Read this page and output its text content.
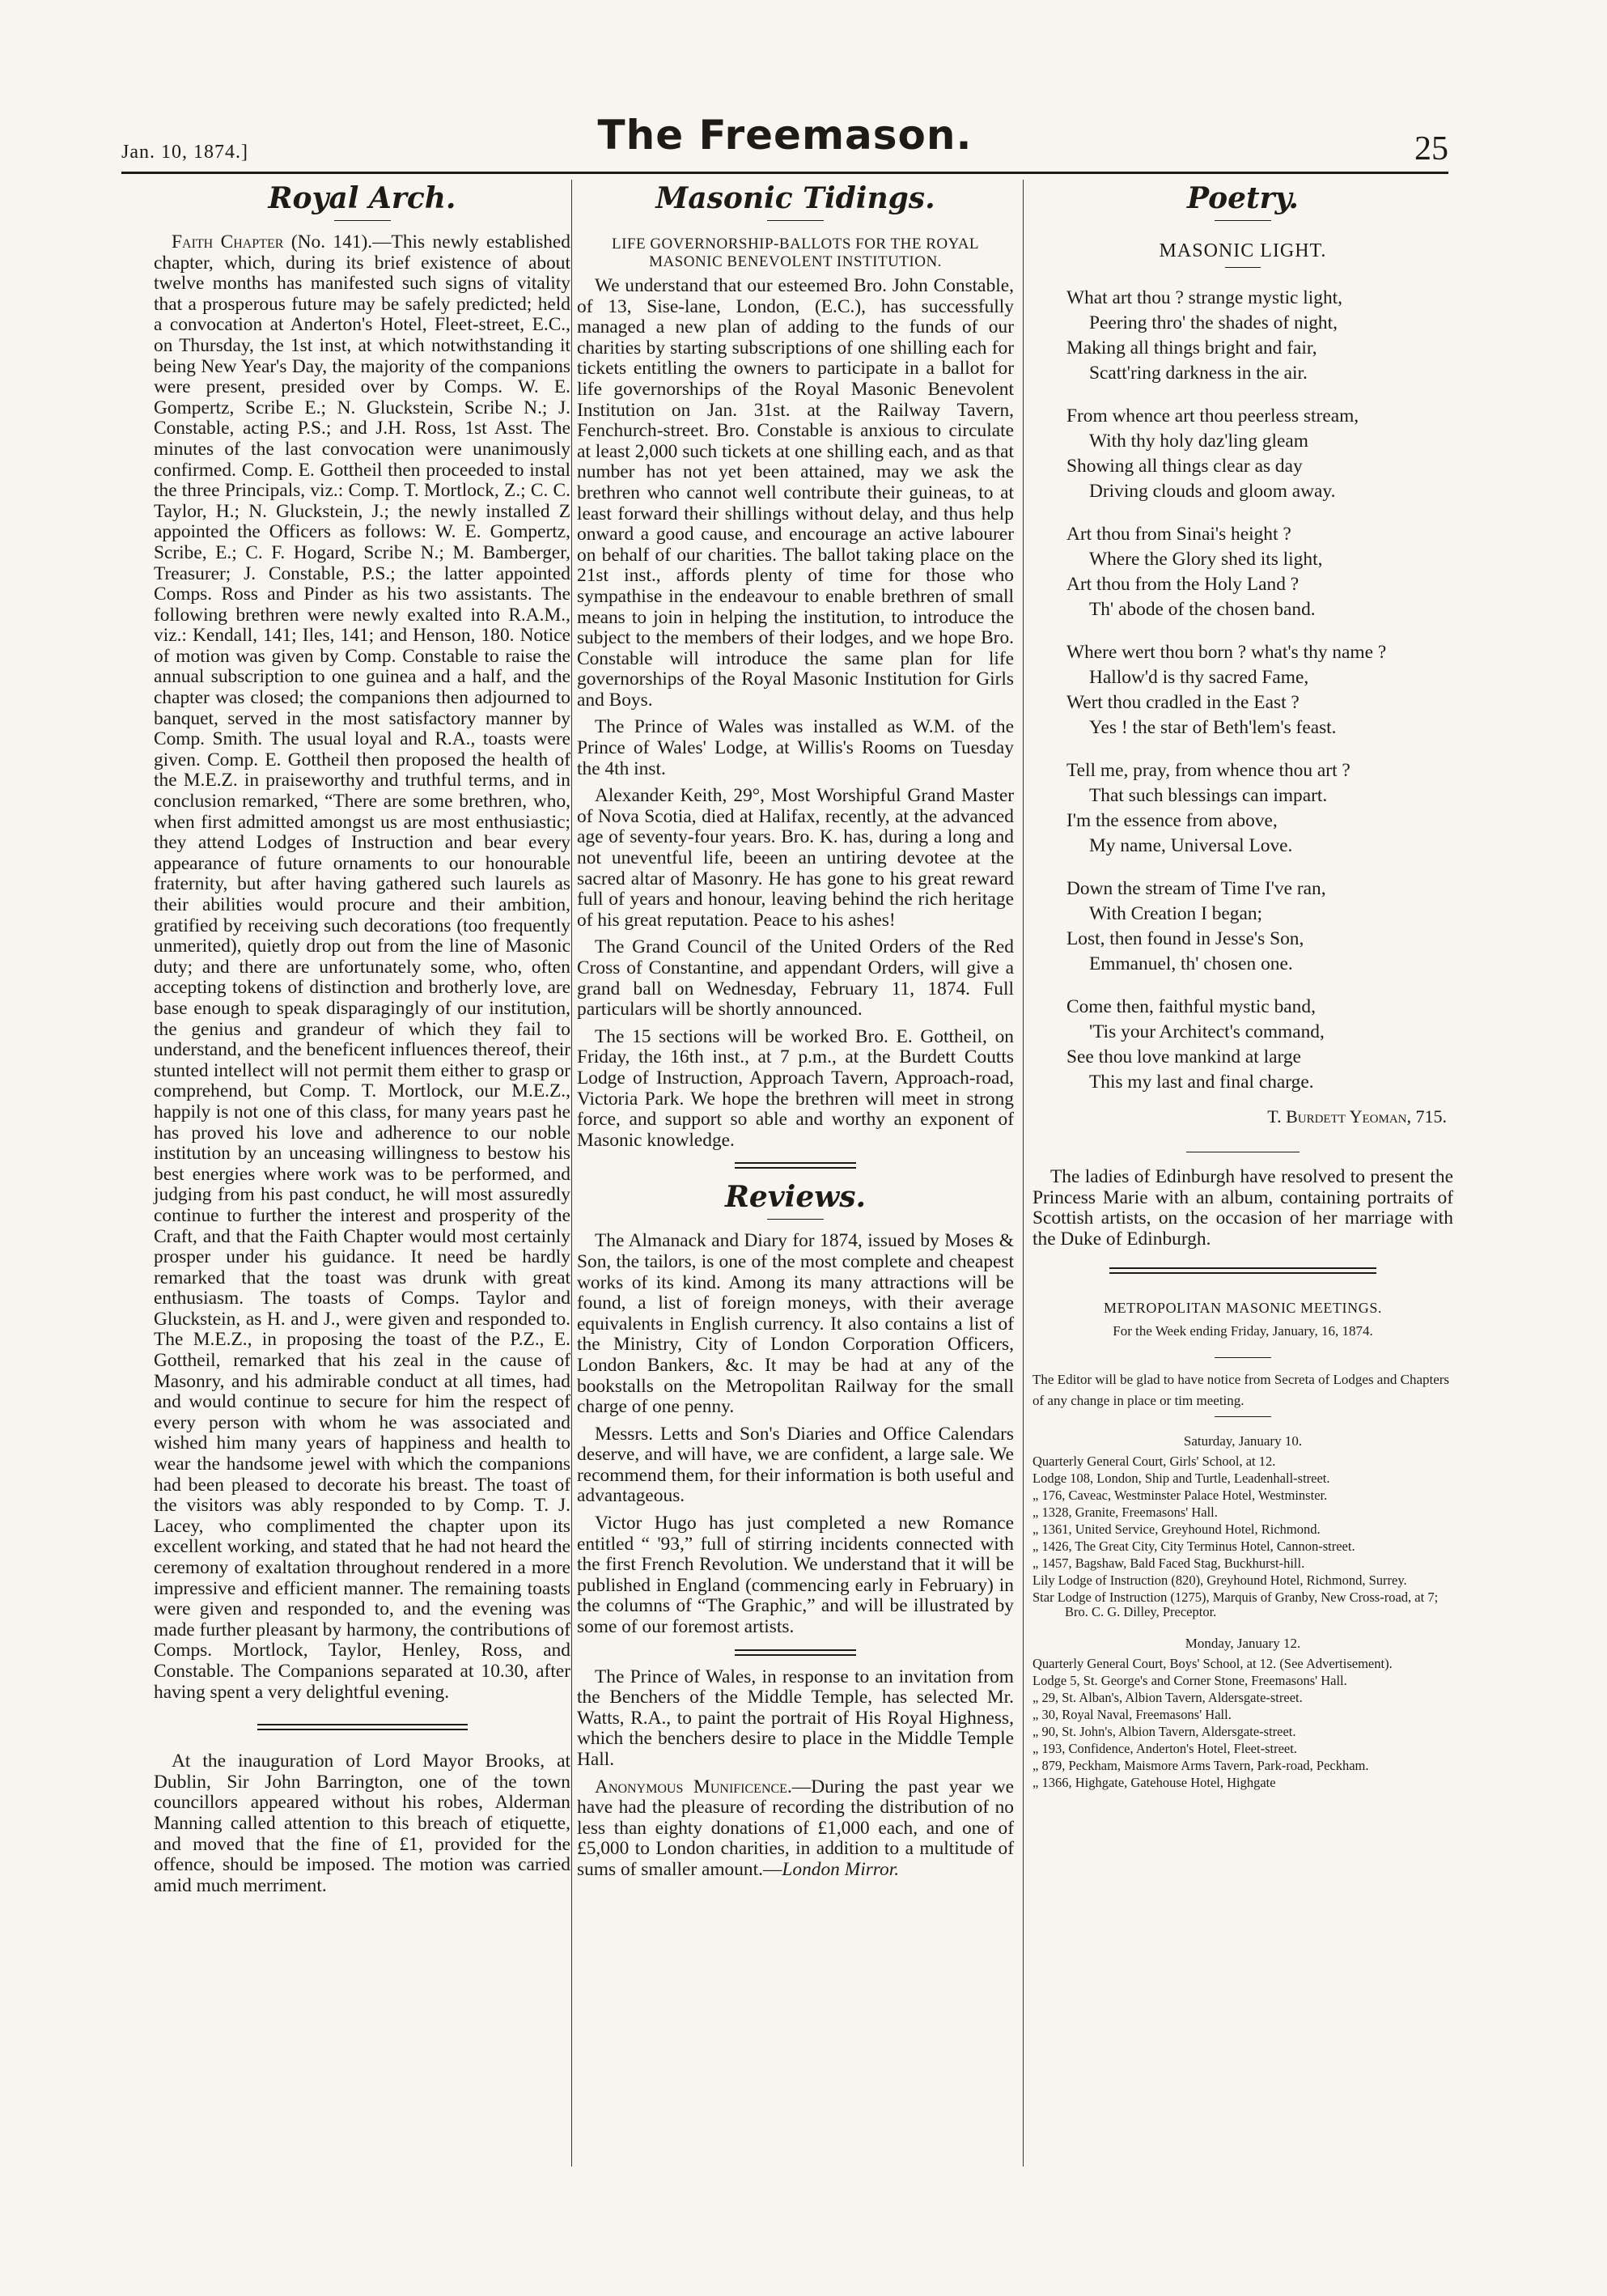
Jan. 10, 1874.]	The Freemason.	25
Royal Arch.

Faith Chapter (No. 141).—This newly established chapter, which, during its brief existence of about twelve months has manifested such signs of vitality that a prosperous future may be safely predicted; held a convocation at Anderton's Hotel, Fleet-street, E.C., on Thursday, the 1st inst, at which notwithstanding it being New Year's Day, the majority of the companions were present, presided over by Comps. W. E. Gompertz, Scribe E.; N. Gluckstein, Scribe N.; J. Constable, acting P.S.; and J.H. Ross, 1st Asst. The minutes of the last convocation were unanimously confirmed. Comp. E. Gottheil then proceeded to instal the three Principals, viz.: Comp. T. Mortlock, Z.; C. C. Taylor, H.; N. Gluckstein, J.; the newly installed Z appointed the Officers as follows: W. E. Gompertz, Scribe, E.; C. F. Hogard, Scribe N.; M. Bamberger, Treasurer; J. Constable, P.S.; the latter appointed Comps. Ross and Pinder as his two assistants. The following brethren were newly exalted into R.A.M., viz.: Kendall, 141; Iles, 141; and Henson, 180. Notice of motion was given by Comp. Constable to raise the annual subscription to one guinea and a half, and the chapter was closed; the companions then adjourned to banquet, served in the most satisfactory manner by Comp. Smith. The usual loyal and R.A., toasts were given. Comp. E. Gottheil then proposed the health of the M.E.Z. in praiseworthy and truthful terms, and in conclusion remarked, “There are some brethren, who, when first admitted amongst us are most enthusiastic; they attend Lodges of Instruction and bear every appearance of future ornaments to our honourable fraternity, but after having gathered such laurels as their abilities would procure and their ambition, gratified by receiving such decorations (too frequently unmerited), quietly drop out from the line of Masonic duty; and there are unfortunately some, who, often accepting tokens of distinction and brotherly love, are base enough to speak disparagingly of our institution, the genius and grandeur of which they fail to understand, and the beneficent influences thereof, their stunted intellect will not permit them either to grasp or comprehend, but Comp. T. Mortlock, our M.E.Z., happily is not one of this class, for many years past he has proved his love and adherence to our noble institution by an unceasing willingness to bestow his best energies where work was to be performed, and judging from his past conduct, he will most assuredly continue to further the interest and prosperity of the Craft, and that the Faith Chapter would most certainly prosper under his guidance. It need be hardly remarked that the toast was drunk with great enthusiasm. The toasts of Comps. Taylor and Gluckstein, as H. and J., were given and responded to. The M.E.Z., in proposing the toast of the P.Z., E. Gottheil, remarked that his zeal in the cause of Masonry, and his admirable conduct at all times, had and would continue to secure for him the respect of every person with whom he was associated and wished him many years of happiness and health to wear the handsome jewel with which the companions had been pleased to decorate his breast. The toast of the visitors was ably responded to by Comp. T. J. Lacey, who complimented the chapter upon its excellent working, and stated that he had not heard the ceremony of exaltation throughout rendered in a more impressive and efficient manner. The remaining toasts were given and responded to, and the evening was made further pleasant by harmony, the contributions of Comps. Mortlock, Taylor, Henley, Ross, and Constable. The Companions separated at 10.30, after having spent a very delightful evening.

At the inauguration of Lord Mayor Brooks, at Dublin, Sir John Barrington, one of the town councillors appeared without his robes, Alderman Manning called attention to this breach of etiquette, and moved that the fine of £1, provided for the offence, should be imposed. The motion was carried amid much merriment.

Masonic Tidings.
LIFE GOVERNORSHIP-BALLOTS FOR THE ROYAL MASONIC BENEVOLENT INSTITUTION.

We understand that our esteemed Bro. John Constable, of 13, Sise-lane, London, (E.C.), has successfully managed a new plan of adding to the funds of our charities by starting subscriptions of one shilling each for tickets entitling the owners to participate in a ballot for life governorships of the Royal Masonic Benevolent Institution on Jan. 31st. at the Railway Tavern, Fenchurch-street. Bro. Constable is anxious to circulate at least 2,000 such tickets at one shilling each, and as that number has not yet been attained, may we ask the brethren who cannot well contribute their guineas, to at least forward their shillings without delay, and thus help onward a good cause, and encourage an active labourer on behalf of our charities. The ballot taking place on the 21st inst., affords plenty of time for those who sympathise in the endeavour to enable brethren of small means to join in helping the institution, to introduce the subject to the members of their lodges, and we hope Bro. Constable will introduce the same plan for life governorships of the Royal Masonic Institution for Girls and Boys.

The Prince of Wales was installed as W.M. of the Prince of Wales' Lodge, at Willis's Rooms on Tuesday the 4th inst.

Alexander Keith, 29°, Most Worshipful Grand Master of Nova Scotia, died at Halifax, recently, at the advanced age of seventy-four years. Bro. K. has, during a long and not uneventful life, beeen an untiring devotee at the sacred altar of Masonry. He has gone to his great reward full of years and honour, leaving behind the rich heritage of his great reputation. Peace to his ashes!

The Grand Council of the United Orders of the Red Cross of Constantine, and appendant Orders, will give a grand ball on Wednesday, February 11, 1874. Full particulars will be shortly announced.

The 15 sections will be worked Bro. E. Gottheil, on Friday, the 16th inst., at 7 p.m., at the Burdett Coutts Lodge of Instruction, Approach Tavern, Approach-road, Victoria Park. We hope the brethren will meet in strong force, and support so able and worthy an exponent of Masonic knowledge.

Reviews.

The Almanack and Diary for 1874, issued by Moses & Son, the tailors, is one of the most complete and cheapest works of its kind. Among its many attractions will be found, a list of foreign moneys, with their average equivalents in English currency. It also contains a list of the Ministry, City of London Corporation Officers, London Bankers, &c. It may be had at any of the bookstalls on the Metropolitan Railway for the small charge of one penny.

Messrs. Letts and Son's Diaries and Office Calendars deserve, and will have, we are confident, a large sale. We recommend them, for their information is both useful and advantageous.

Victor Hugo has just completed a new Romance entitled “ '93,” full of stirring incidents connected with the first French Revolution. We understand that it will be published in England (commencing early in February) in the columns of “The Graphic,” and will be illustrated by some of our foremost artists.

The Prince of Wales, in response to an invitation from the Benchers of the Middle Temple, has selected Mr. Watts, R.A., to paint the portrait of His Royal Highness, which the benchers desire to place in the Middle Temple Hall.

Anonymous Munificence.—During the past year we have had the pleasure of recording the distribution of no less than eighty donations of £1,000 each, and one of £5,000 to London charities, in addition to a multitude of sums of smaller amount.—London Mirror.

Poetry.
MASONIC LIGHT.
What art thou ? strange mystic light,
Peering thro' the shades of night,
Making all things bright and fair,
Scatt'ring darkness in the air.
From whence art thou peerless stream,
With thy holy daz'ling gleam
Showing all things clear as day
Driving clouds and gloom away.
Art thou from Sinai's height ?
Where the Glory shed its light,
Art thou from the Holy Land ?
Th' abode of the chosen band.
Where wert thou born ? what's thy name ?
Hallow'd is thy sacred Fame,
Wert thou cradled in the East ?
Yes ! the star of Beth'lem's feast.
Tell me, pray, from whence thou art ?
That such blessings can impart.
I'm the essence from above,
My name, Universal Love.
Down the stream of Time I've ran,
With Creation I began;
Lost, then found in Jesse's Son,
Emmanuel, th' chosen one.
Come then, faithful mystic band,
'Tis your Architect's command,
See thou love mankind at large
This my last and final charge.
T. Burdett Yeoman, 715.

The ladies of Edinburgh have resolved to present the Princess Marie with an album, containing portraits of Scottish artists, on the occasion of her marriage with the Duke of Edinburgh.

METROPOLITAN MASONIC MEETINGS.
For the Week ending Friday, January, 16, 1874.
The Editor will be glad to have notice from Secreta of Lodges and Chapters of any change in place or tim meeting.
Saturday, January 10.
Quarterly General Court, Girls' School, at 12.
Lodge 108, London, Ship and Turtle, Leadenhall-street.
„ 176, Caveac, Westminster Palace Hotel, Westminster.
„ 1328, Granite, Freemasons' Hall.
„ 1361, United Service, Greyhound Hotel, Richmond.
„ 1426, The Great City, City Terminus Hotel, Cannon-street.
„ 1457, Bagshaw, Bald Faced Stag, Buckhurst-hill.
Lily Lodge of Instruction (820), Greyhound Hotel, Richmond, Surrey.
Star Lodge of Instruction (1275), Marquis of Granby, New Cross-road, at 7; Bro. C. G. Dilley, Preceptor.
Monday, January 12.
Quarterly General Court, Boys' School, at 12. (See Advertisement).
Lodge 5, St. George's and Corner Stone, Freemasons' Hall.
„ 29, St. Alban's, Albion Tavern, Aldersgate-street.
„ 30, Royal Naval, Freemasons' Hall.
„ 90, St. John's, Albion Tavern, Aldersgate-street.
„ 193, Confidence, Anderton's Hotel, Fleet-street.
„ 879, Peckham, Maismore Arms Tavern, Park-road, Peckham.
„ 1366, Highgate, Gatehouse Hotel, Highgate
